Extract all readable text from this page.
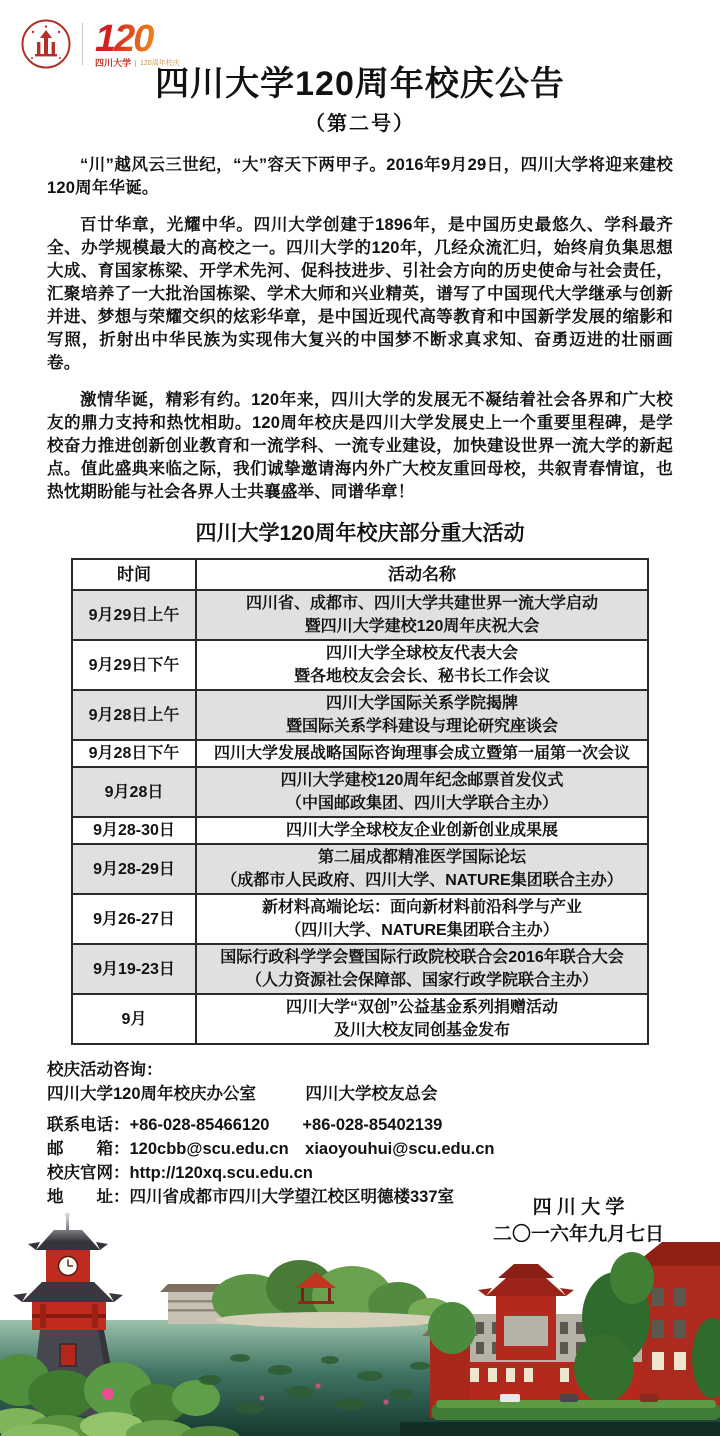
120
四川大学	120周年校庆
四川大学120周年校庆公告
（第二号）

“川”越风云三世纪，“大”容天下两甲子。2016年9月29日，四川大学将迎来建校120周年华诞。

百廿华章，光耀中华。四川大学创建于1896年，是中国历史最悠久、学科最齐全、办学规模最大的高校之一。四川大学的120年，几经众流汇归，始终肩负集思想大成、育国家栋梁、开学术先河、促科技进步、引社会方向的历史使命与社会责任，汇聚培养了一大批治国栋梁、学术大师和兴业精英，谱写了中国现代大学继承与创新并进、梦想与荣耀交织的炫彩华章，是中国近现代高等教育和中国新学发展的缩影和写照，折射出中华民族为实现伟大复兴的中国梦不断求真求知、奋勇迈进的壮丽画卷。

激情华诞，精彩有约。120年来，四川大学的发展无不凝结着社会各界和广大校友的鼎力支持和热忱相助。120周年校庆是四川大学发展史上一个重要里程碑，是学校奋力推进创新创业教育和一流学科、一流专业建设，加快建设世界一流大学的新起点。值此盛典来临之际，我们诚挚邀请海内外广大校友重回母校，共叙青春情谊，也热忱期盼能与社会各界人士共襄盛举、同谱华章！

四川大学120周年校庆部分重大活动
时间	活动名称
9月29日上午	四川省、成都市、四川大学共建世界一流大学启动
暨四川大学建校120周年庆祝大会

9月29日下午	四川大学全球校友代表大会
暨各地校友会会长、秘书长工作会议

9月28日上午	四川大学国际关系学院揭牌
暨国际关系学科建设与理论研究座谈会

9月28日下午	四川大学发展战略国际咨询理事会成立暨第一届第一次会议

9月28日	四川大学建校120周年纪念邮票首发仪式
（中国邮政集团、四川大学联合主办）

9月28-30日	四川大学全球校友企业创新创业成果展

9月28-29日	第二届成都精准医学国际论坛
（成都市人民政府、四川大学、NATURE集团联合主办）

9月26-27日	新材料高端论坛：面向新材料前沿科学与产业
（四川大学、NATURE集团联合主办）

9月19-23日	国际行政科学学会暨国际行政院校联合会2016年联合大会
（人力资源社会保障部、国家行政学院联合主办）

9月	四川大学“双创”公益基金系列捐赠活动
及川大校友同创基金发布
校庆活动咨询：
四川大学120周年校庆办公室　　　四川大学校友总会
联系电话：+86-028-85466120　　+86-028-85402139
邮　　箱：120cbb@scu.edu.cn　xiaoyouhui@scu.edu.cn
校庆官网：http://120xq.scu.edu.cn
地　　址：四川省成都市四川大学望江校区明德楼337室	四 川 大 学
二〇一六年九月七日
